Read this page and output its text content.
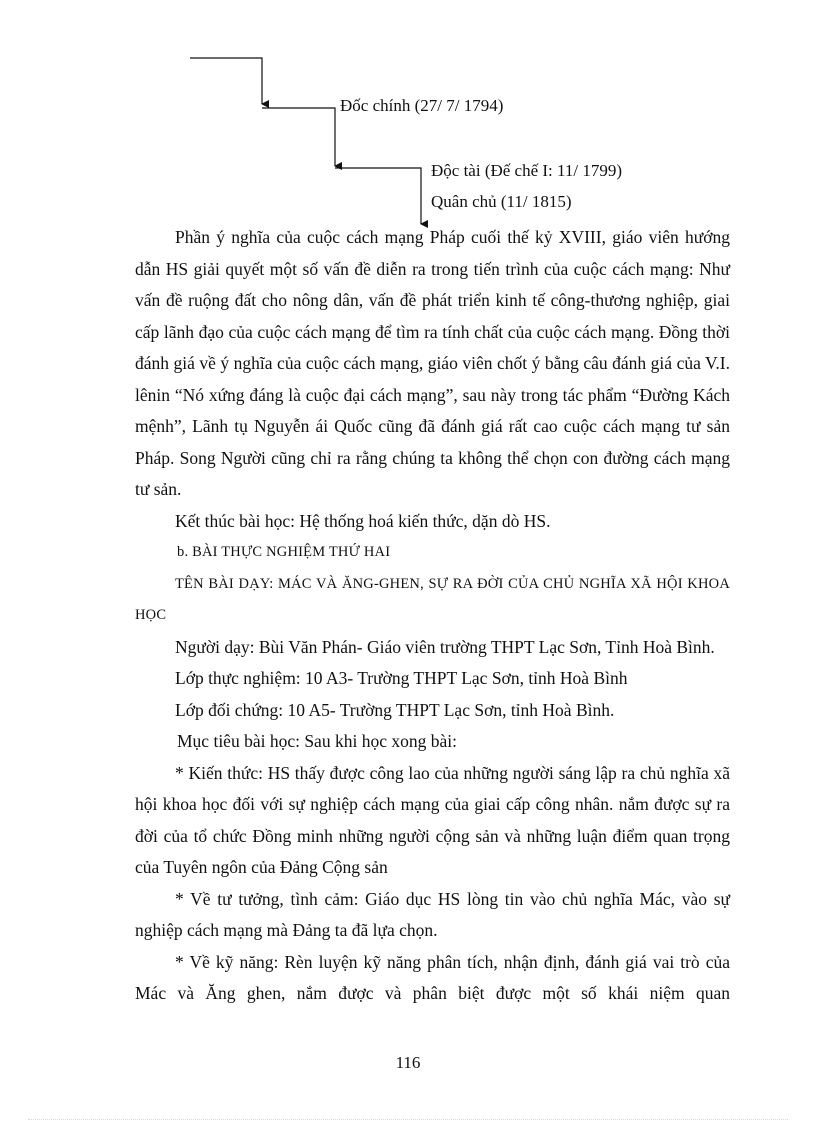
Đốc chính (27/ 7/ 1794)
Độc tài (Đế chế I: 11/ 1799)
Quân chủ (11/ 1815)

Phần ý nghĩa của cuộc cách mạng Pháp cuối thế kỷ XVIII, giáo viên hướng dẫn HS giải quyết một số vấn đề diễn ra trong tiến trình của cuộc cách mạng: Như vấn đề ruộng đất cho nông dân, vấn đề phát triển kinh tế công-thương nghiệp, giai cấp lãnh đạo của cuộc cách mạng để tìm ra tính chất của cuộc cách mạng. Đồng thời đánh giá về ý nghĩa của cuộc cách mạng, giáo viên chốt ý bằng câu đánh giá của V.I. lênin “Nó xứng đáng là cuộc đại cách mạng”, sau này trong tác phẩm “Đường Kách mệnh”, Lãnh tụ Nguyễn ái Quốc cũng đã đánh giá rất cao cuộc cách mạng tư sản Pháp. Song Người cũng chỉ ra rằng chúng ta không thể chọn con đường cách mạng tư sản.

Kết thúc bài học: Hệ thống hoá kiến thức, dặn dò HS.

b. BÀI THỰC NGHIỆM THỨ HAI

TÊN BÀI DẠY: MÁC VÀ ĂNG-GHEN, SỰ RA ĐỜI CỦA CHỦ NGHĨA XÃ HỘI KHOA HỌC

Người dạy: Bùi Văn Phán- Giáo viên trường THPT Lạc Sơn, Tỉnh Hoà Bình.

Lớp thực nghiệm: 10 A3- Trường THPT Lạc Sơn, tỉnh Hoà Bình

Lớp đối chứng: 10 A5- Trường THPT Lạc Sơn, tỉnh Hoà Bình.

Mục tiêu bài học: Sau khi học xong bài:

* Kiến thức: HS thấy được công lao của những người sáng lập ra chủ nghĩa xã hội khoa học đối với sự nghiệp cách mạng của giai cấp công nhân. nắm được sự ra đời của tổ chức Đồng minh những người cộng sản và những luận điểm quan trọng của Tuyên ngôn của Đảng Cộng sản

* Về tư tưởng, tình cảm: Giáo dục HS lòng tin vào chủ nghĩa Mác, vào sự nghiệp cách mạng mà Đảng ta đã lựa chọn.

* Về kỹ năng: Rèn luyện kỹ năng phân tích, nhận định, đánh giá vai trò của Mác và Ăng ghen, nắm được và phân biệt được một số khái niệm quan

116
